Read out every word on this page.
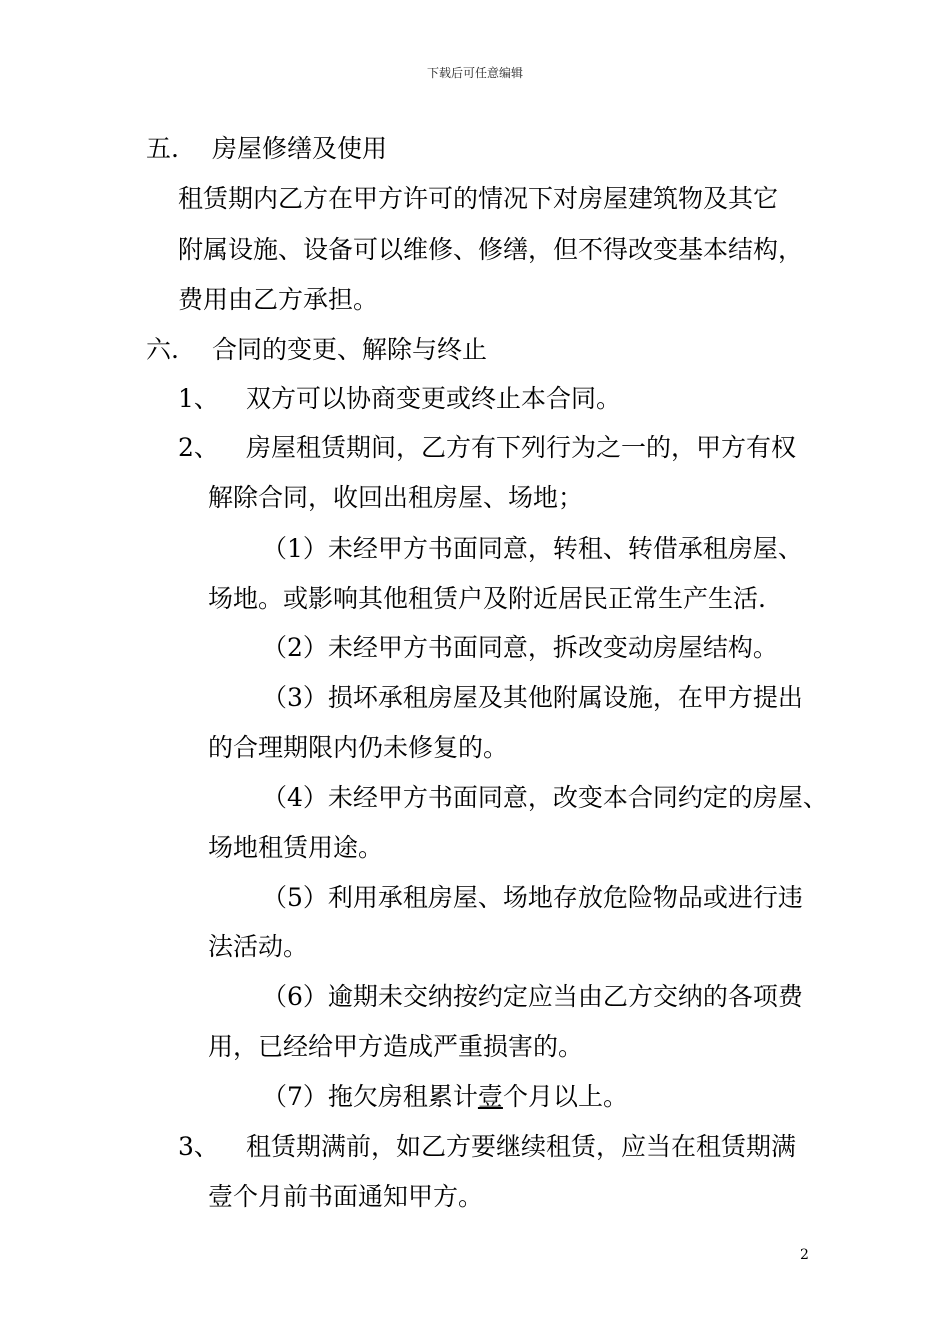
下载后可任意编辑
五. 房屋修缮及使用
租赁期内乙方在甲方许可的情况下对房屋建筑物及其它
附属设施、设备可以维修、修缮，但不得改变基本结构，
费用由乙方承担。
六. 合同的变更、解除与终止
1、 双方可以协商变更或终止本合同。
2、 房屋租赁期间，乙方有下列行为之一的，甲方有权
解除合同，收回出租房屋、场地；
（1）未经甲方书面同意，转租、转借承租房屋、
场地。或影响其他租赁户及附近居民正常生产生活.
（2）未经甲方书面同意，拆改变动房屋结构。
（3）损坏承租房屋及其他附属设施，在甲方提出
的合理期限内仍未修复的。
（4）未经甲方书面同意，改变本合同约定的房屋、
场地租赁用途。
（5）利用承租房屋、场地存放危险物品或进行违
法活动。
（6）逾期未交纳按约定应当由乙方交纳的各项费
用，已经给甲方造成严重损害的。
（7）拖欠房租累计壹个月以上。
3、 租赁期满前，如乙方要继续租赁，应当在租赁期满
壹个月前书面通知甲方。
2
